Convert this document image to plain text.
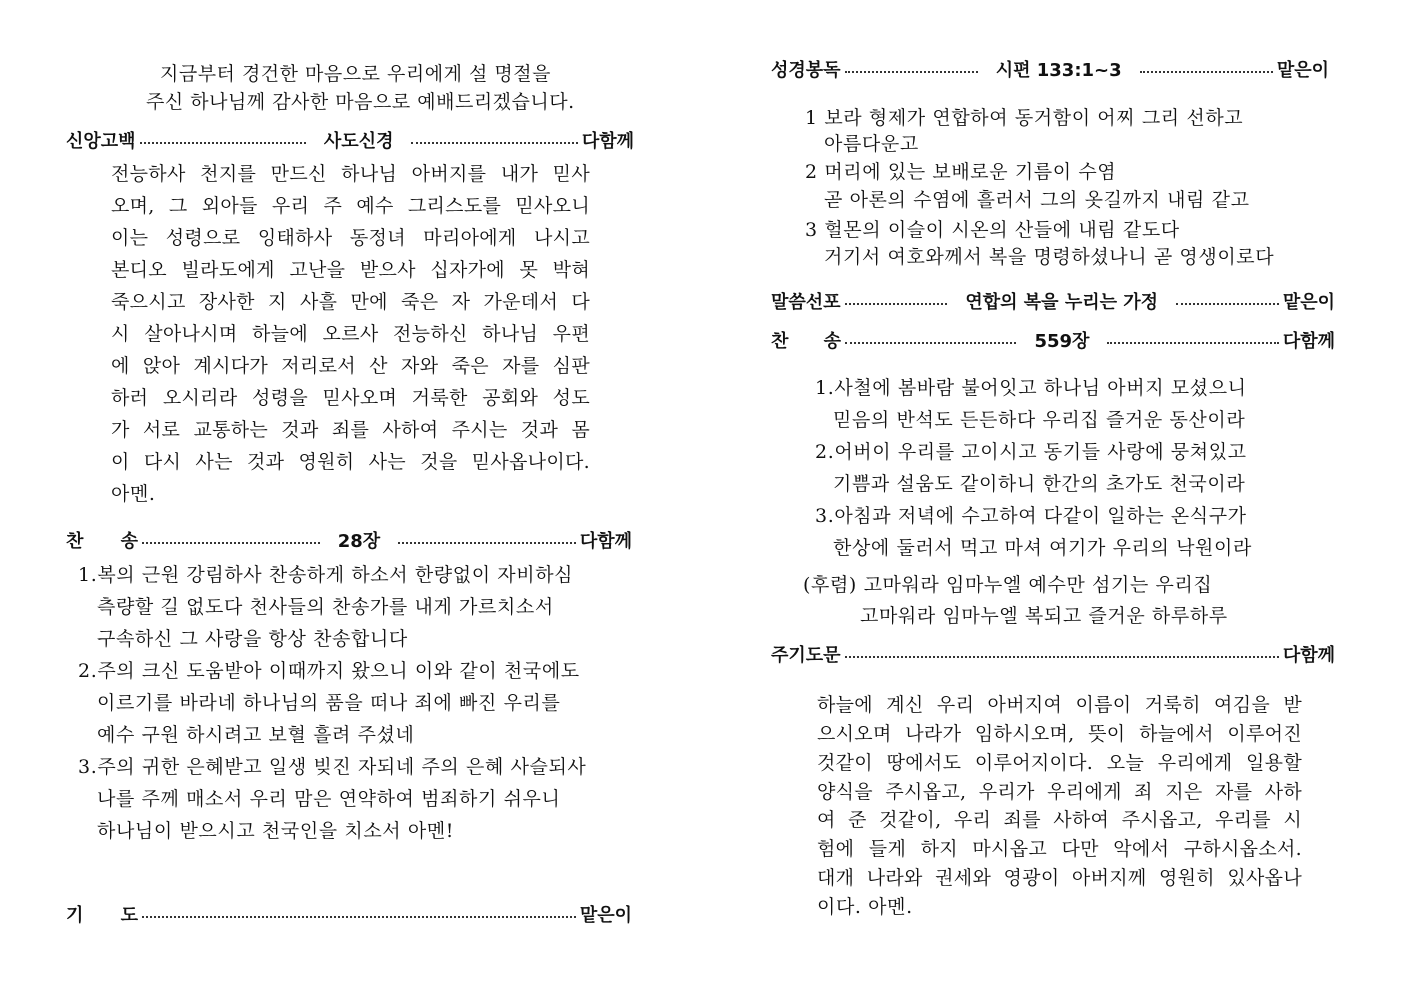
지금부터 경건한 마음으로 우리에게 설 명절을
주신 하나님께 감사한 마음으로 예배드리겠습니다.
신앙고백	사도신경	다함께
전능하사 천지를 만드신 하나님 아버지를 내가 믿사
오며, 그 외아들 우리 주 예수 그리스도를 믿사오니
이는 성령으로 잉태하사 동정녀 마리아에게 나시고
본디오 빌라도에게 고난을 받으사 십자가에 못 박혀
죽으시고 장사한 지 사흘 만에 죽은 자 가운데서 다
시 살아나시며 하늘에 오르사 전능하신 하나님 우편
에 앉아 계시다가 저리로서 산 자와 죽은 자를 심판
하러 오시리라 성령을 믿사오며 거룩한 공회와 성도
가 서로 교통하는 것과 죄를 사하여 주시는 것과 몸
이 다시 사는 것과 영원히 사는 것을 믿사옵나이다.
아멘.
찬 송	28장	다함께
1.복의 근원 강림하사 찬송하게 하소서 한량없이 자비하심
측량할 길 없도다 천사들의 찬송가를 내게 가르치소서
구속하신 그 사랑을 항상 찬송합니다
2.주의 크신 도움받아 이때까지 왔으니 이와 같이 천국에도
이르기를 바라네 하나님의 품을 떠나 죄에 빠진 우리를
예수 구원 하시려고 보혈 흘려 주셨네
3.주의 귀한 은혜받고 일생 빚진 자되네 주의 은혜 사슬되사
나를 주께 매소서 우리 맘은 연약하여 범죄하기 쉬우니
하나님이 받으시고 천국인을 치소서 아멘!
기 도	맡은이
성경봉독	시편 133:1~3	맡은이
1 보라 형제가 연합하여 동거함이 어찌 그리 선하고
아름다운고
2 머리에 있는 보배로운 기름이 수염
곧 아론의 수염에 흘러서 그의 옷길까지 내림 같고
3 헐몬의 이슬이 시온의 산들에 내림 같도다
거기서 여호와께서 복을 명령하셨나니 곧 영생이로다
말씀선포	연합의 복을 누리는 가정	맡은이
찬 송	559장	다함께
1.사철에 봄바람 불어잇고 하나님 아버지 모셨으니
믿음의 반석도 든든하다 우리집 즐거운 동산이라
2.어버이 우리를 고이시고 동기들 사랑에 뭉쳐있고
기쁨과 설움도 같이하니 한간의 초가도 천국이라
3.아침과 저녁에 수고하여 다같이 일하는 온식구가
한상에 둘러서 먹고 마셔 여기가 우리의 낙원이라
(후렴) 고마워라 임마누엘 예수만 섬기는 우리집
고마워라 임마누엘 복되고 즐거운 하루하루
주기도문	다함께
하늘에 계신 우리 아버지여 이름이 거룩히 여김을 받
으시오며 나라가 임하시오며, 뜻이 하늘에서 이루어진
것같이 땅에서도 이루어지이다. 오늘 우리에게 일용할
양식을 주시옵고, 우리가 우리에게 죄 지은 자를 사하
여 준 것같이, 우리 죄를 사하여 주시옵고, 우리를 시
험에 들게 하지 마시옵고 다만 악에서 구하시옵소서.
대개 나라와 권세와 영광이 아버지께 영원히 있사옵나
이다. 아멘.
